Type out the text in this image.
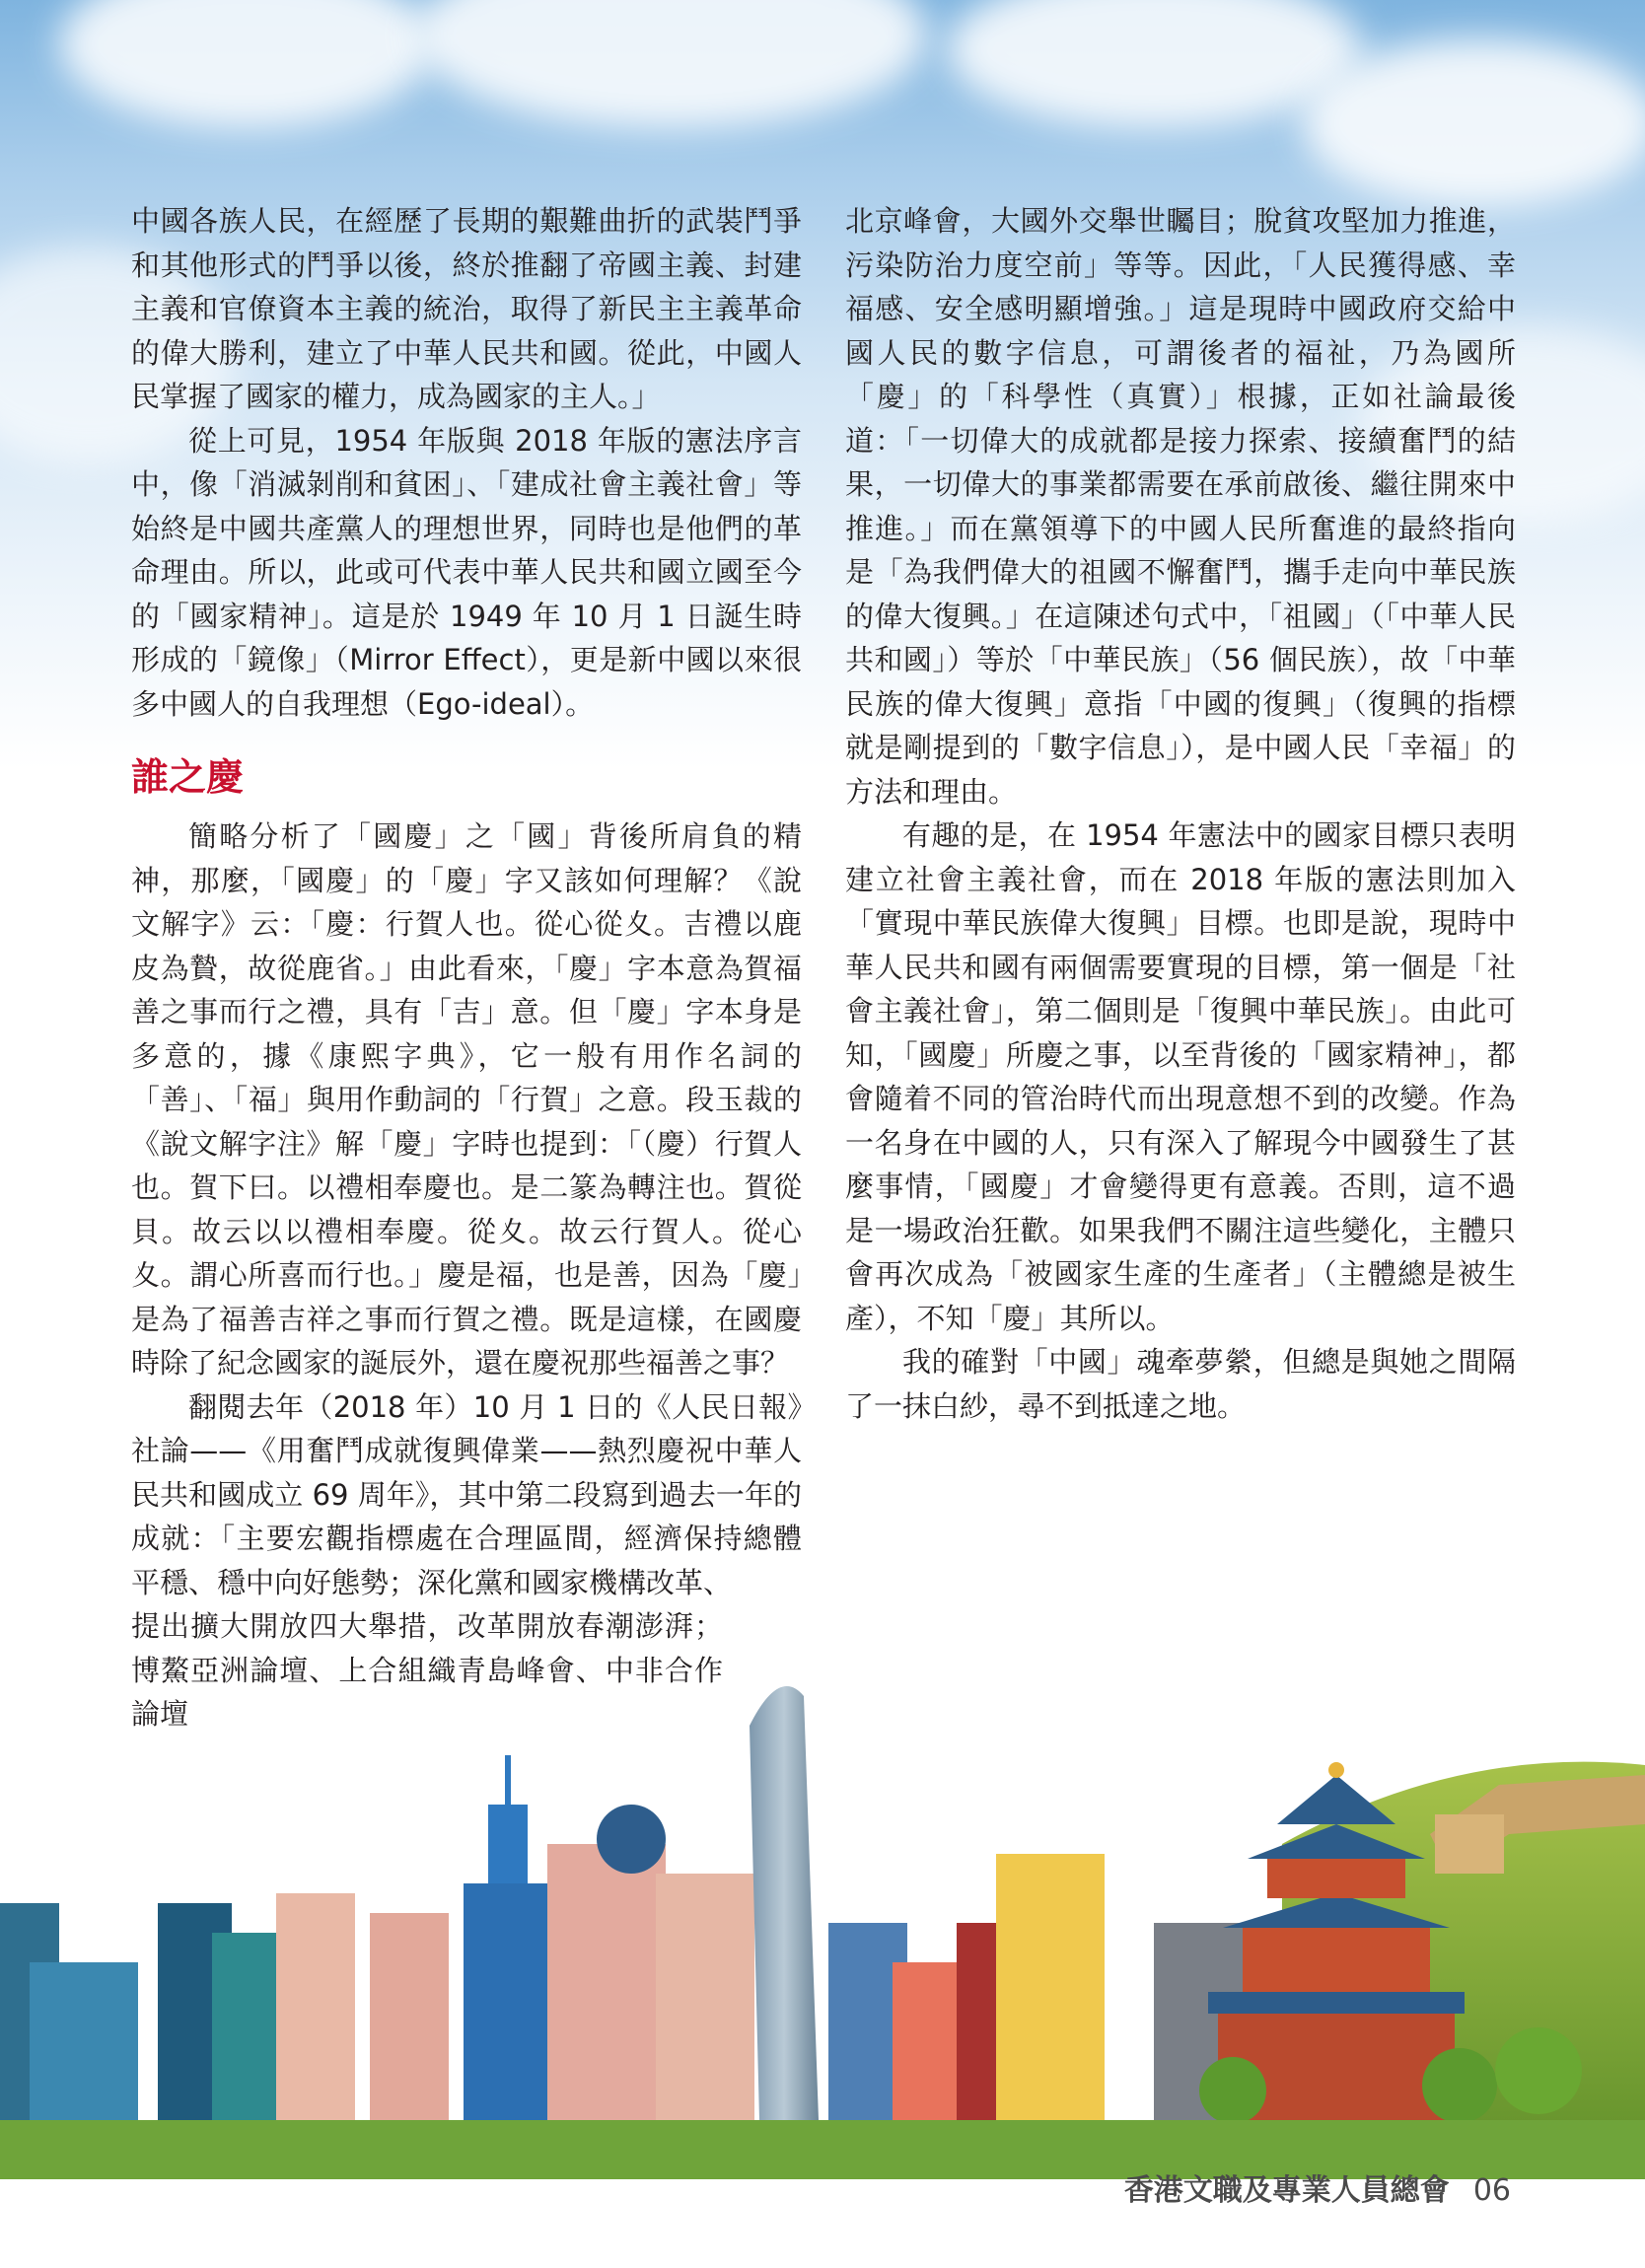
中國各族人民，在經歷了長期的艱難曲折的武裝鬥爭和其他形式的鬥爭以後，終於推翻了帝國主義、封建主義和官僚資本主義的統治，取得了新民主主義革命的偉大勝利，建立了中華人民共和國。從此，中國人民掌握了國家的權力，成為國家的主人。」

從上可見，1954 年版與 2018 年版的憲法序言中，像「消滅剝削和貧困」、「建成社會主義社會」等始終是中國共產黨人的理想世界，同時也是他們的革命理由。所以，此或可代表中華人民共和國立國至今的「國家精神」。這是於 1949 年 10 月 1 日誕生時形成的「鏡像」（Mirror Effect），更是新中國以來很多中國人的自我理想（Ego-ideal）。

誰之慶

簡略分析了「國慶」之「國」背後所肩負的精神，那麼，「國慶」的「慶」字又該如何理解？《說文解字》云：「慶：行賀人也。從心從夊。吉禮以鹿皮為贄，故從鹿省。」由此看來，「慶」字本意為賀福善之事而行之禮，具有「吉」意。但「慶」字本身是多意的，據《康熙字典》，它一般有用作名詞的「善」、「福」與用作動詞的「行賀」之意。段玉裁的《說文解字注》解「慶」字時也提到：「（慶）行賀人也。賀下曰。以禮相奉慶也。是二篆為轉注也。賀從貝。故云以以禮相奉慶。從夊。故云行賀人。從心夊。謂心所喜而行也。」慶是福，也是善，因為「慶」是為了福善吉祥之事而行賀之禮。既是這樣，在國慶時除了紀念國家的誕辰外，還在慶祝那些福善之事？

翻閱去年（2018 年）10 月 1 日的《人民日報》社論——《用奮鬥成就復興偉業——熱烈慶祝中華人民共和國成立 69 周年》，其中第二段寫到過去一年的成就：「主要宏觀指標處在合理區間，經濟保持總體平穩、穩中向好態勢；深化黨和國家機構改革、

提出擴大開放四大舉措，改革開放春潮澎湃；博鰲亞洲論壇、上合組織青島峰會、中非合作論壇

北京峰會，大國外交舉世矚目；脫貧攻堅加力推進，污染防治力度空前」等等。因此，「人民獲得感、幸福感、安全感明顯增強。」這是現時中國政府交給中國人民的數字信息，可謂後者的福祉，乃為國所「慶」的「科學性（真實）」根據，正如社論最後道：「一切偉大的成就都是接力探索、接續奮鬥的結果，一切偉大的事業都需要在承前啟後、繼往開來中推進。」而在黨領導下的中國人民所奮進的最終指向是「為我們偉大的祖國不懈奮鬥，攜手走向中華民族的偉大復興。」在這陳述句式中，「祖國」（「中華人民共和國」）等於「中華民族」（56 個民族），故「中華民族的偉大復興」意指「中國的復興」（復興的指標就是剛提到的「數字信息」），是中國人民「幸福」的方法和理由。

有趣的是，在 1954 年憲法中的國家目標只表明建立社會主義社會，而在 2018 年版的憲法則加入「實現中華民族偉大復興」目標。也即是說，現時中華人民共和國有兩個需要實現的目標，第一個是「社會主義社會」，第二個則是「復興中華民族」。由此可知，「國慶」所慶之事，以至背後的「國家精神」，都會隨着不同的管治時代而出現意想不到的改變。作為一名身在中國的人，只有深入了解現今中國發生了甚麼事情，「國慶」才會變得更有意義。否則，這不過是一場政治狂歡。如果我們不關注這些變化，主體只會再次成為「被國家生產的生產者」（主體總是被生產），不知「慶」其所以。

我的確對「中國」魂牽夢縈，但總是與她之間隔了一抹白紗，尋不到抵達之地。

香港文職及專業人員總會 06
